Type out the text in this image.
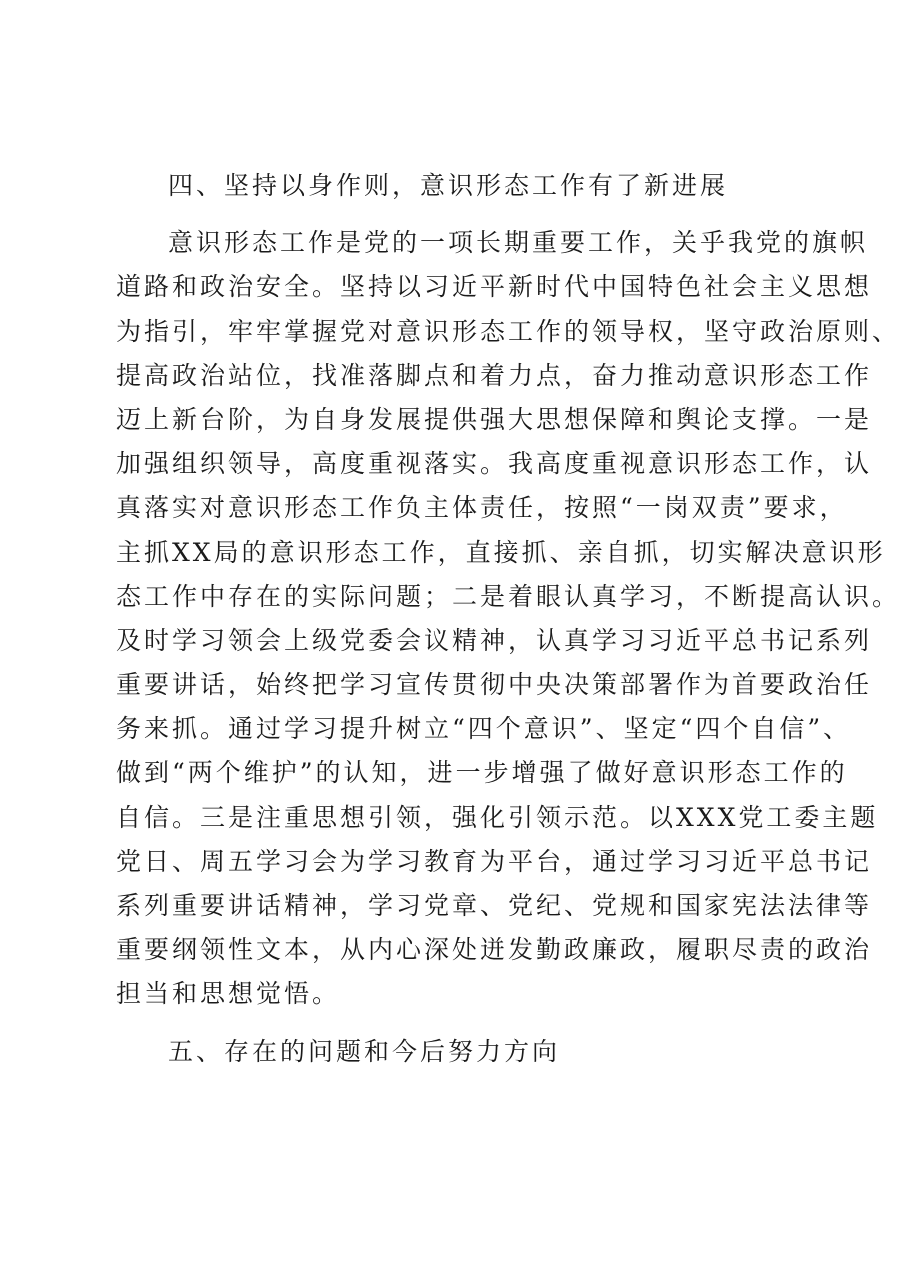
四、坚持以身作则，意识形态工作有了新进展
意识形态工作是党的一项长期重要工作，关乎我党的旗帜
道路和政治安全。坚持以习近平新时代中国特色社会主义思想
为指引，牢牢掌握党对意识形态工作的领导权，坚守政治原则、
提高政治站位，找准落脚点和着力点，奋力推动意识形态工作
迈上新台阶，为自身发展提供强大思想保障和舆论支撑。一是
加强组织领导，高度重视落实。我高度重视意识形态工作，认
真落实对意识形态工作负主体责任，按照“一岗双责”要求，
主抓XX局的意识形态工作，直接抓、亲自抓，切实解决意识形
态工作中存在的实际问题；二是着眼认真学习，不断提高认识。
及时学习领会上级党委会议精神，认真学习习近平总书记系列
重要讲话，始终把学习宣传贯彻中央决策部署作为首要政治任
务来抓。通过学习提升树立“四个意识”、坚定“四个自信”、
做到“两个维护”的认知，进一步增强了做好意识形态工作的
自信。三是注重思想引领，强化引领示范。以XXX党工委主题
党日、周五学习会为学习教育为平台，通过学习习近平总书记
系列重要讲话精神，学习党章、党纪、党规和国家宪法法律等
重要纲领性文本，从内心深处迸发勤政廉政，履职尽责的政治
担当和思想觉悟。
五、存在的问题和今后努力方向
